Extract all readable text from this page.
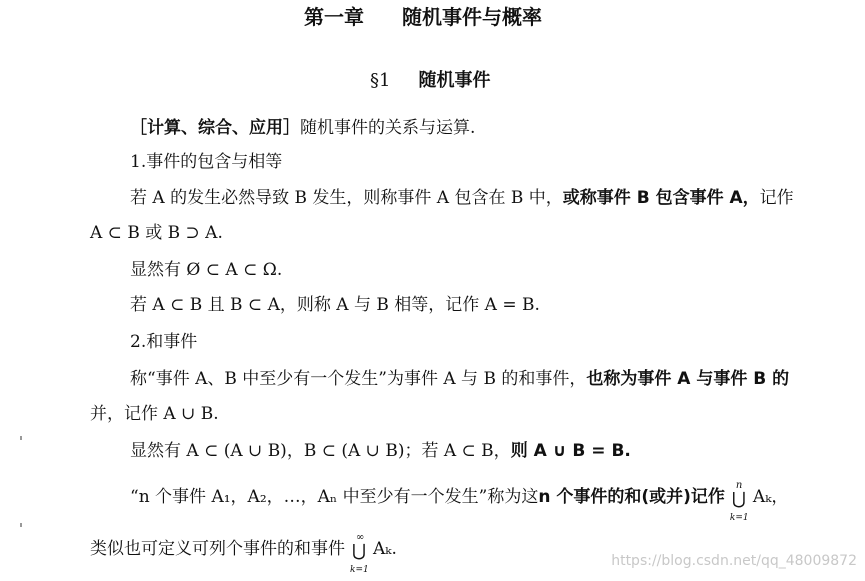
第一章 随机事件与概率
§1 随机事件
［计算、综合、应用］随机事件的关系与运算.
1.事件的包含与相等
若 A 的发生必然导致 B 发生，则称事件 A 包含在 B 中，或称事件 B 包含事件 A，记作
A ⊂ B 或 B ⊃ A.
显然有 Ø ⊂ A ⊂ Ω.
若 A ⊂ B 且 B ⊂ A，则称 A 与 B 相等，记作 A = B.
2.和事件
称“事件 A、B 中至少有一个发生”为事件 A 与 B 的和事件，也称为事件 A 与事件 B 的
并，记作 A ∪ B.
显然有 A ⊂ (A ∪ B)，B ⊂ (A ∪ B)；若 A ⊂ B，则 A ∪ B = B.
“n 个事件 A₁，A₂，…，Aₙ 中至少有一个发生”称为这n 个事件的和(或并)记作 ⋃
n
k=1
Aₖ，
类似也可定义可列个事件的和事件 ⋃
∞
k=1
Aₖ.
https://blog.csdn.net/qq_48009872
